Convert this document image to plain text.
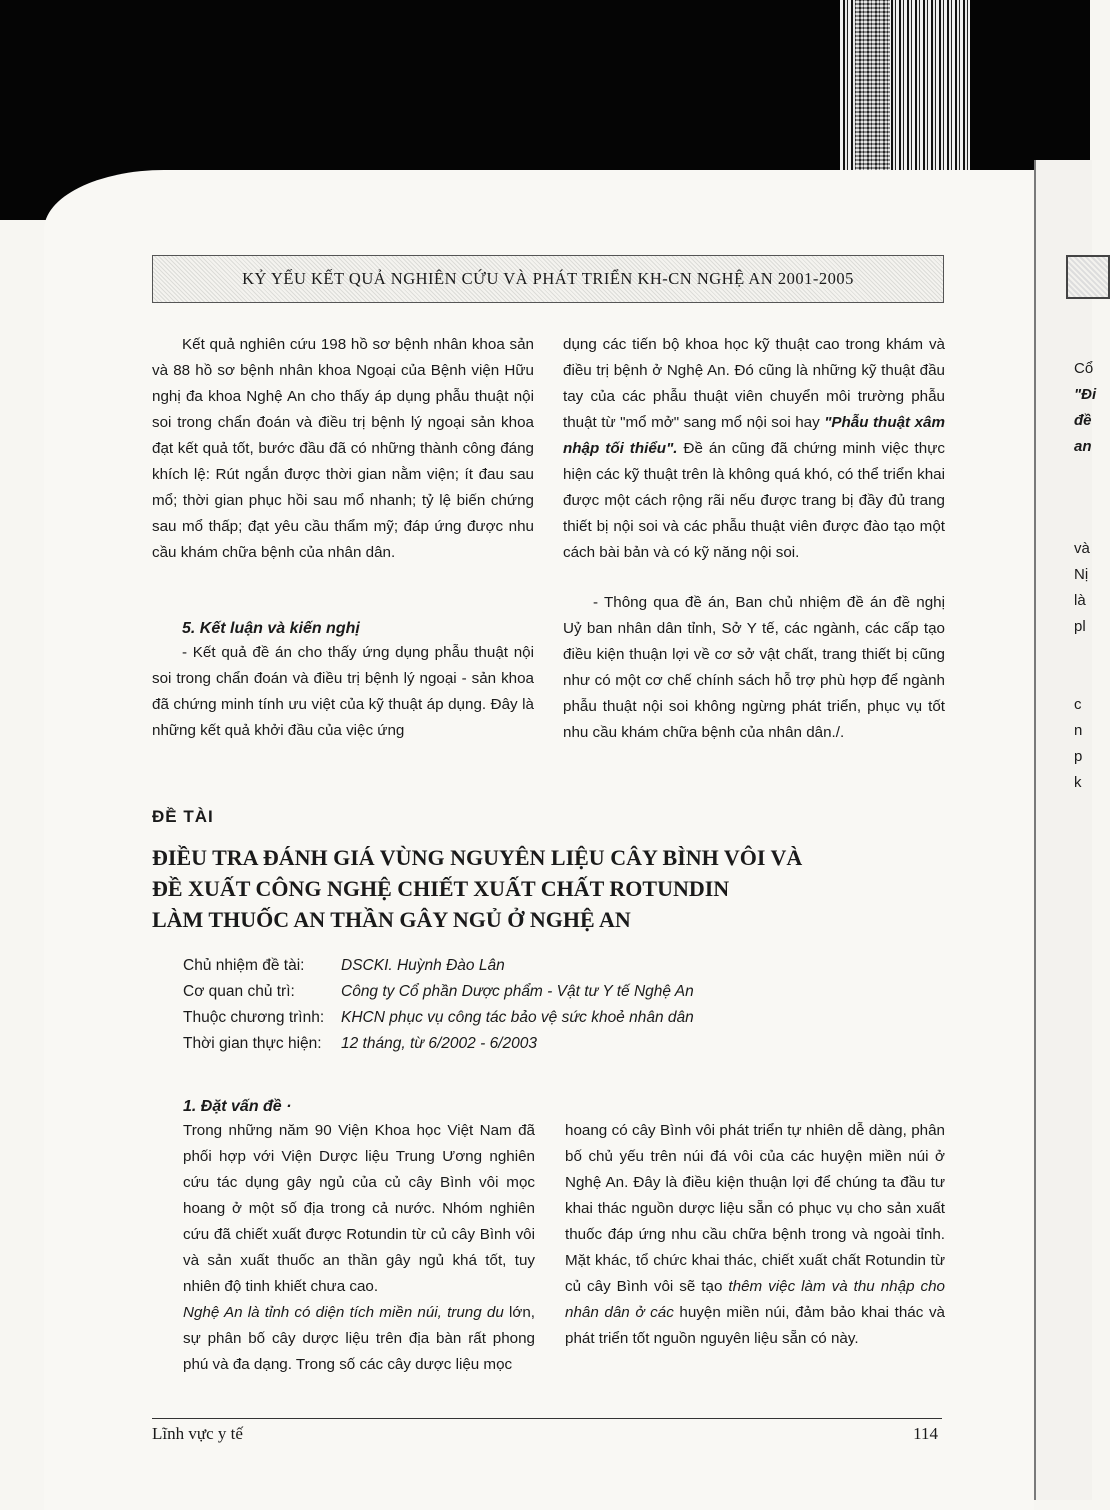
Cổ
"Đi
đề
an
và
Nị
là
pl
c
n
p
k
KỶ YẾU KẾT QUẢ NGHIÊN CỨU VÀ PHÁT TRIỂN KH-CN NGHỆ AN 2001-2005

Kết quả nghiên cứu 198 hồ sơ bệnh nhân khoa sản và 88 hồ sơ bệnh nhân khoa Ngoại của Bệnh viện Hữu nghị đa khoa Nghệ An cho thấy áp dụng phẫu thuật nội soi trong chẩn đoán và điều trị bệnh lý ngoại sản khoa đạt kết quả tốt, bước đầu đã có những thành công đáng khích lệ: Rút ngắn được thời gian nằm viện; ít đau sau mổ; thời gian phục hồi sau mổ nhanh; tỷ lệ biến chứng sau mổ thấp; đạt yêu cầu thẩm mỹ; đáp ứng được nhu cầu khám chữa bệnh của nhân dân.

5. Kết luận và kiến nghị

- Kết quả đề án cho thấy ứng dụng phẫu thuật nội soi trong chẩn đoán và điều trị bệnh lý ngoại - sản khoa đã chứng minh tính ưu việt của kỹ thuật áp dụng. Đây là những kết quả khởi đầu của việc ứng

dụng các tiến bộ khoa học kỹ thuật cao trong khám và điều trị bệnh ở Nghệ An. Đó cũng là những kỹ thuật đầu tay của các phẫu thuật viên chuyển môi trường phẫu thuật từ "mổ mở" sang mổ nội soi hay "Phẫu thuật xâm nhập tối thiểu". Đề án cũng đã chứng minh việc thực hiện các kỹ thuật trên là không quá khó, có thể triển khai được một cách rộng rãi nếu được trang bị đầy đủ trang thiết bị nội soi và các phẫu thuật viên được đào tạo một cách bài bản và có kỹ năng nội soi.

- Thông qua đề án, Ban chủ nhiệm đề án đề nghị Uỷ ban nhân dân tỉnh, Sở Y tế, các ngành, các cấp tạo điều kiện thuận lợi về cơ sở vật chất, trang thiết bị cũng như có một cơ chế chính sách hỗ trợ phù hợp để ngành phẫu thuật nội soi không ngừng phát triển, phục vụ tốt nhu cầu khám chữa bệnh của nhân dân./.

ĐỀ TÀI
ĐIỀU TRA ĐÁNH GIÁ VÙNG NGUYÊN LIỆU CÂY BÌNH VÔI VÀ
ĐỀ XUẤT CÔNG NGHỆ CHIẾT XUẤT CHẤT ROTUNDIN
LÀM THUỐC AN THẦN GÂY NGỦ Ở NGHỆ AN
Chủ nhiệm đề tài:	DSCKI. Huỳnh Đào Lân
Cơ quan chủ trì:	Công ty Cổ phần Dược phẩm - Vật tư Y tế Nghệ An
Thuộc chương trình:	KHCN phục vụ công tác bảo vệ sức khoẻ nhân dân
Thời gian thực hiện:	12 tháng, từ 6/2002 - 6/2003

1. Đặt vấn đề ·

Trong những năm 90 Viện Khoa học Việt Nam đã phối hợp với Viện Dược liệu Trung Ương nghiên cứu tác dụng gây ngủ của củ cây Bình vôi mọc hoang ở một số địa trong cả nước. Nhóm nghiên cứu đã chiết xuất được Rotundin từ củ cây Bình vôi và sản xuất thuốc an thần gây ngủ khá tốt, tuy nhiên độ tinh khiết chưa cao.

Nghệ An là tỉnh có diện tích miền núi, trung du lớn, sự phân bố cây dược liệu trên địa bàn rất phong phú và đa dạng. Trong số các cây dược liệu mọc

hoang có cây Bình vôi phát triển tự nhiên dễ dàng, phân bố chủ yếu trên núi đá vôi của các huyện miền núi ở Nghệ An. Đây là điều kiện thuận lợi để chúng ta đầu tư khai thác nguồn dược liệu sẵn có phục vụ cho sản xuất thuốc đáp ứng nhu cầu chữa bệnh trong và ngoài tỉnh. Mặt khác, tổ chức khai thác, chiết xuất chất Rotundin từ củ cây Bình vôi sẽ tạo thêm việc làm và thu nhập cho nhân dân ở các huyện miền núi, đảm bảo khai thác và phát triển tốt nguồn nguyên liệu sẵn có này.

Lĩnh vực y tế	114
